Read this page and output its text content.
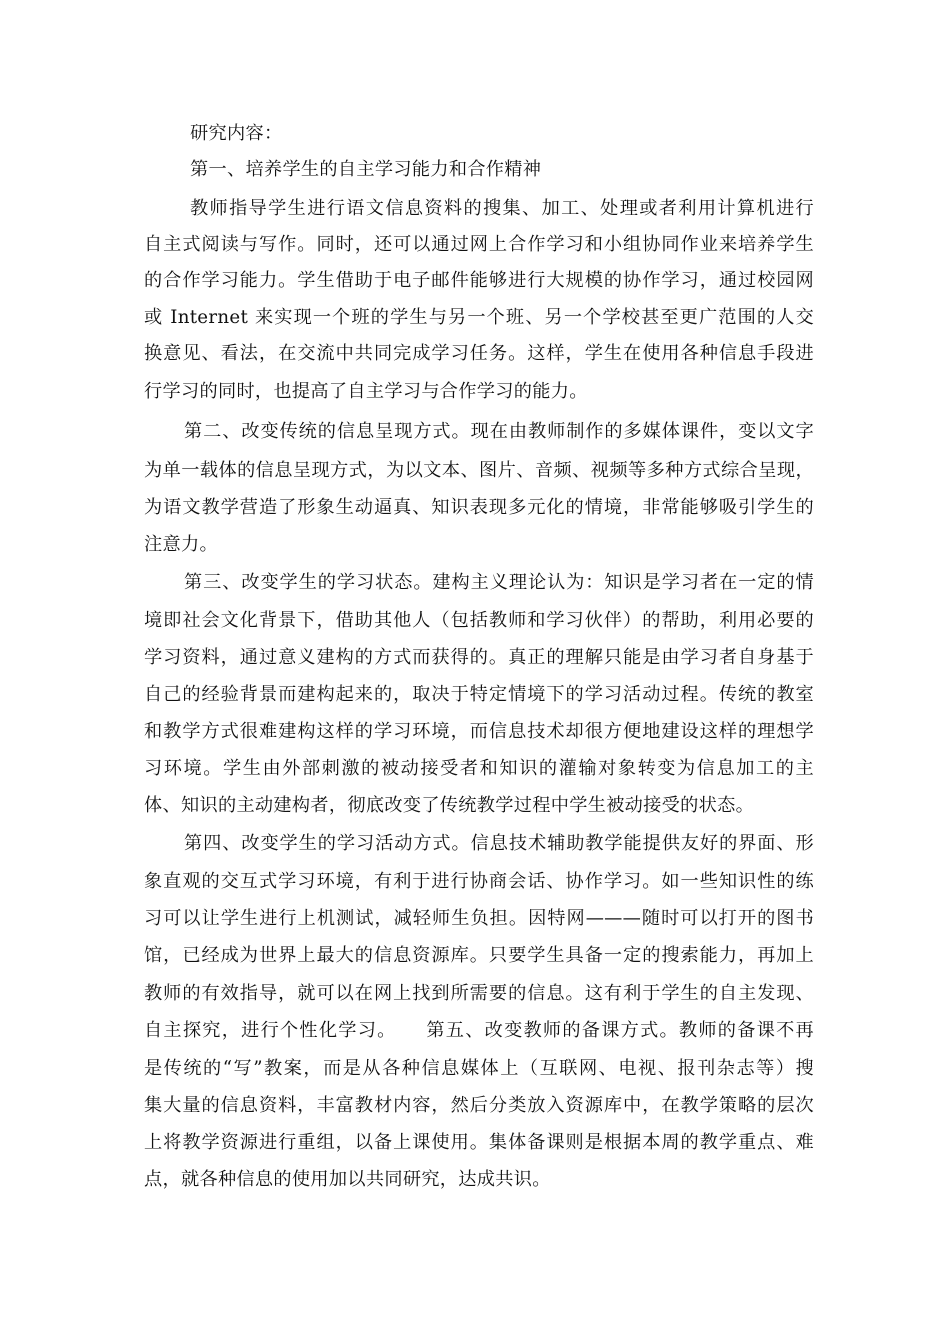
研究内容：
第一、培养学生的自主学习能力和合作精神
教师指导学生进行语文信息资料的搜集、加工、处理或者利用计算机进行
自主式阅读与写作。同时，还可以通过网上合作学习和小组协同作业来培养学生
的合作学习能力。学生借助于电子邮件能够进行大规模的协作学习，通过校园网
或 Internet 来实现一个班的学生与另一个班、另一个学校甚至更广范围的人交
换意见、看法，在交流中共同完成学习任务。这样，学生在使用各种信息手段进
行学习的同时，也提高了自主学习与合作学习的能力。
第二、改变传统的信息呈现方式。现在由教师制作的多媒体课件，变以文字
为单一载体的信息呈现方式，为以文本、图片、音频、视频等多种方式综合呈现，
为语文教学营造了形象生动逼真、知识表现多元化的情境，非常能够吸引学生的
注意力。
第三、改变学生的学习状态。建构主义理论认为：知识是学习者在一定的情
境即社会文化背景下，借助其他人（包括教师和学习伙伴）的帮助，利用必要的
学习资料，通过意义建构的方式而获得的。真正的理解只能是由学习者自身基于
自己的经验背景而建构起来的，取决于特定情境下的学习活动过程。传统的教室
和教学方式很难建构这样的学习环境，而信息技术却很方便地建设这样的理想学
习环境。学生由外部刺激的被动接受者和知识的灌输对象转变为信息加工的主
体、知识的主动建构者，彻底改变了传统教学过程中学生被动接受的状态。
第四、改变学生的学习活动方式。信息技术辅助教学能提供友好的界面、形
象直观的交互式学习环境，有利于进行协商会话、协作学习。如一些知识性的练
习可以让学生进行上机测试，减轻师生负担。因特网———随时可以打开的图书
馆，已经成为世界上最大的信息资源库。只要学生具备一定的搜索能力，再加上
教师的有效指导，就可以在网上找到所需要的信息。这有利于学生的自主发现、
自主探究，进行个性化学习。　　第五、改变教师的备课方式。教师的备课不再
是传统的“写”教案，而是从各种信息媒体上（互联网、电视、报刊杂志等）搜
集大量的信息资料，丰富教材内容，然后分类放入资源库中，在教学策略的层次
上将教学资源进行重组，以备上课使用。集体备课则是根据本周的教学重点、难
点，就各种信息的使用加以共同研究，达成共识。
